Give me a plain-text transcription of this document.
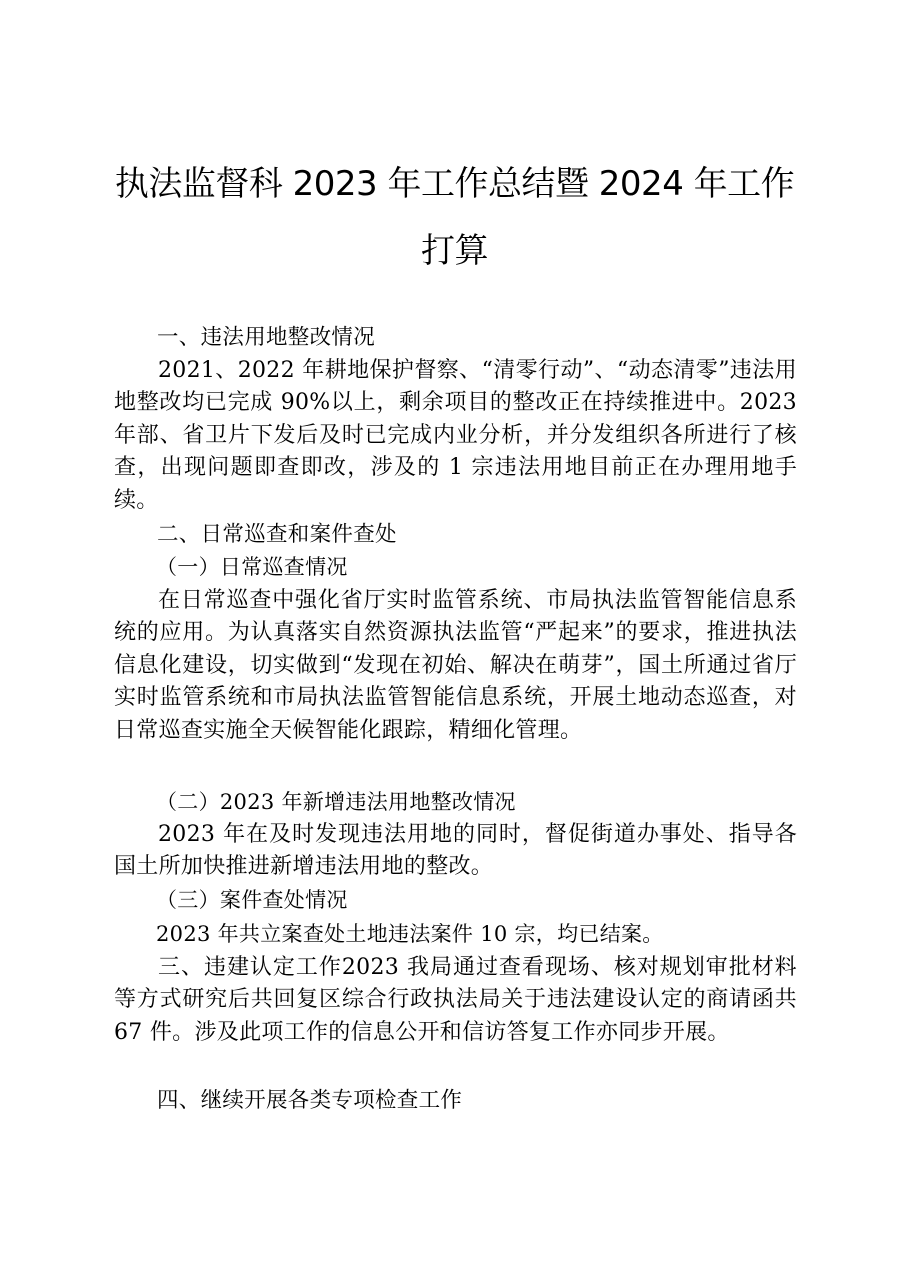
执法监督科 2023 年工作总结暨 2024 年工作
打算
一、违法用地整改情况
2021、2022 年耕地保护督察、“清零行动”、“动态清零”违法用地整改均已完成 90%以上，剩余项目的整改正在持续推进中。2023 年部、省卫片下发后及时已完成内业分析，并分发组织各所进行了核查，出现问题即查即改，涉及的 1 宗违法用地目前正在办理用地手续。
二、日常巡查和案件查处
（一）日常巡查情况
在日常巡查中强化省厅实时监管系统、市局执法监管智能信息系统的应用。为认真落实自然资源执法监管“严起来”的要求，推进执法信息化建设，切实做到“发现在初始、解决在萌芽”，国土所通过省厅实时监管系统和市局执法监管智能信息系统，开展土地动态巡查，对日常巡查实施全天候智能化跟踪，精细化管理。
（二）2023 年新增违法用地整改情况
2023 年在及时发现违法用地的同时，督促街道办事处、指导各国土所加快推进新增违法用地的整改。
（三）案件查处情况
2023 年共立案查处土地违法案件 10 宗，均已结案。
三、违建认定工作2023 我局通过查看现场、核对规划审批材料等方式研究后共回复区综合行政执法局关于违法建设认定的商请函共 67 件。涉及此项工作的信息公开和信访答复工作亦同步开展。
四、继续开展各类专项检查工作
